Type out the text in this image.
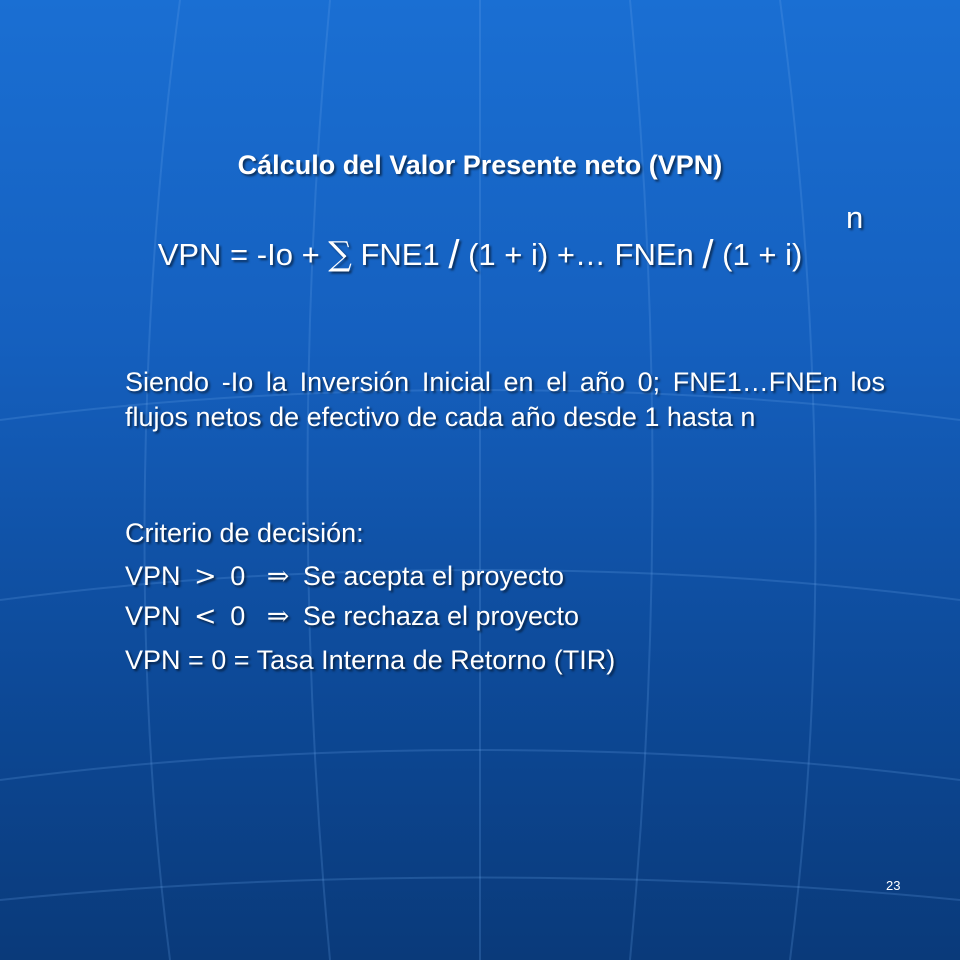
Cálculo del Valor Presente neto (VPN)
n
VPN = -Io + ∑ FNE1 / (1 + i) +… FNEn / (1 + i)
Siendo -Io la Inversión Inicial en el año 0; FNE1…FNEn los flujos netos de efectivo de cada año desde 1 hasta n
Criterio de decisión:
VPN > 0 ⇒ Se acepta el proyecto
VPN < 0 ⇒ Se rechaza el proyecto
VPN = 0 = Tasa Interna de Retorno (TIR)
23
